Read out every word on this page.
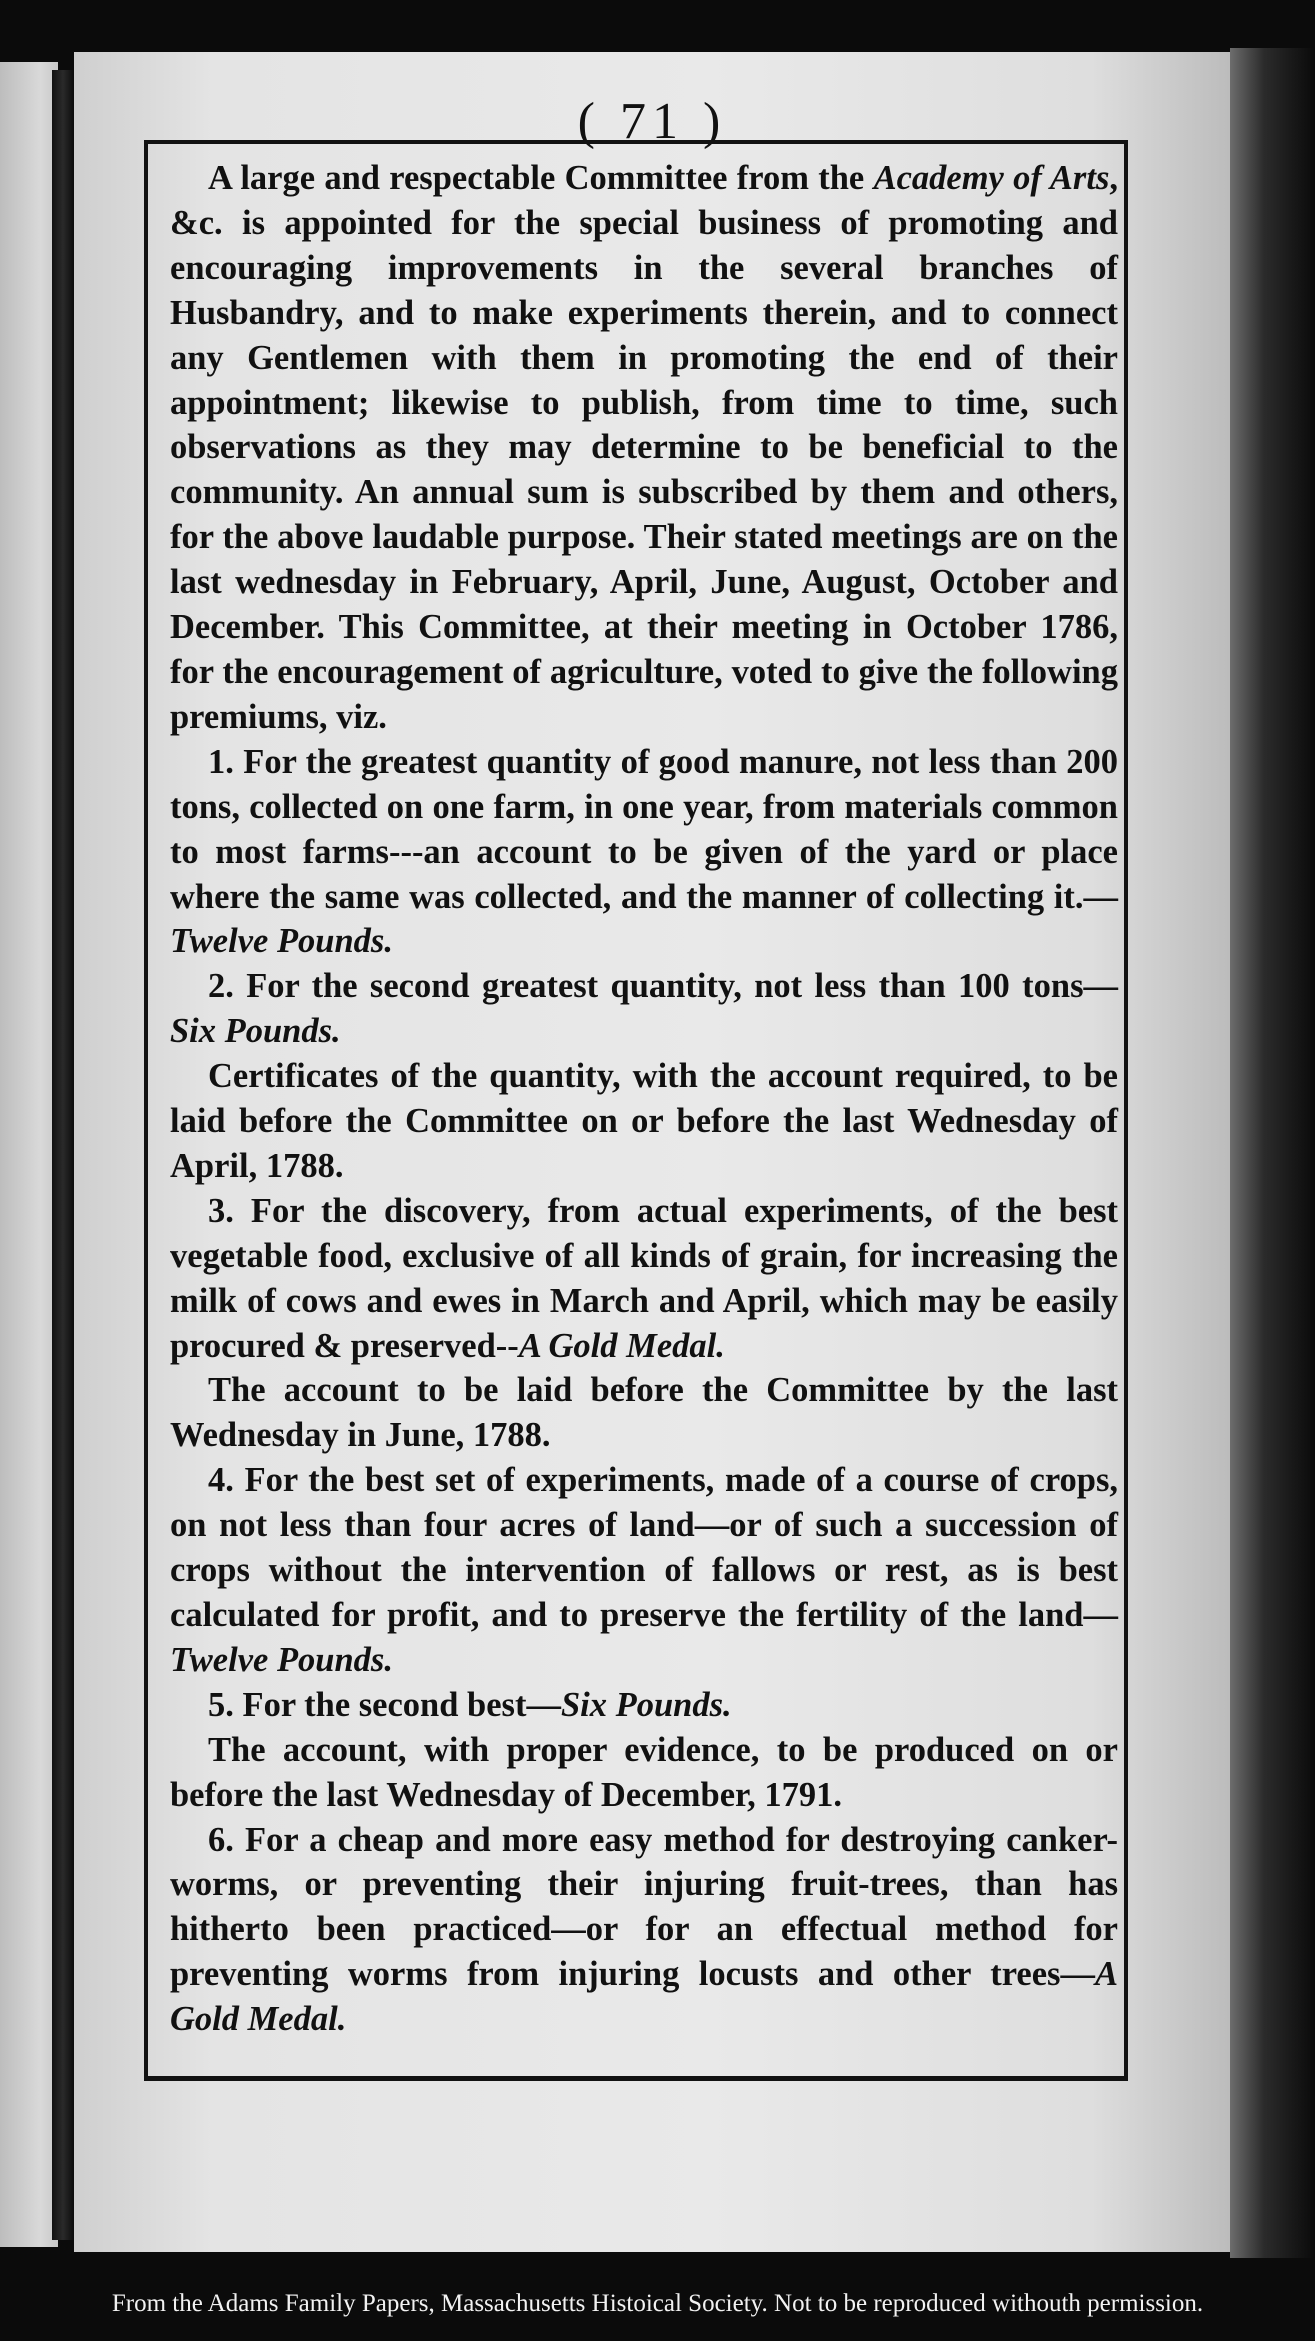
( 71 )

A large and respectable Committee from the Academy of Arts, &c. is appointed for the special business of promoting and encouraging improvements in the several branches of Husbandry, and to make experiments therein, and to connect any Gentlemen with them in promoting the end of their appointment; likewise to publish, from time to time, such observations as they may determine to be beneficial to the community. An annual sum is subscribed by them and others, for the above laudable purpose. Their stated meetings are on the last wednesday in February, April, June, August, October and December. This Committee, at their meeting in October 1786, for the encouragement of agriculture, voted to give the following premiums, viz.

1. For the greatest quantity of good manure, not less than 200 tons, collected on one farm, in one year, from materials common to most farms---an account to be given of the yard or place where the same was collected, and the manner of collecting it.—Twelve Pounds.

2. For the second greatest quantity, not less than 100 tons—Six Pounds.

Certificates of the quantity, with the account required, to be laid before the Committee on or before the last Wednesday of April, 1788.

3. For the discovery, from actual experiments, of the best vegetable food, exclusive of all kinds of grain, for increasing the milk of cows and ewes in March and April, which may be easily procured & preserved--A Gold Medal.

The account to be laid before the Committee by the last Wednesday in June, 1788.

4. For the best set of experiments, made of a course of crops, on not less than four acres of land—or of such a succession of crops without the intervention of fallows or rest, as is best calculated for profit, and to preserve the fertility of the land—Twelve Pounds.

5. For the second best—Six Pounds.

The account, with proper evidence, to be produced on or before the last Wednesday of December, 1791.

6. For a cheap and more easy method for destroying canker-worms, or preventing their injuring fruit-trees, than has hitherto been practiced—or for an effectual method for preventing worms from injuring locusts and other trees—A Gold Medal.

From the Adams Family Papers, Massachusetts Histoical Society. Not to be reproduced withouth permission.
